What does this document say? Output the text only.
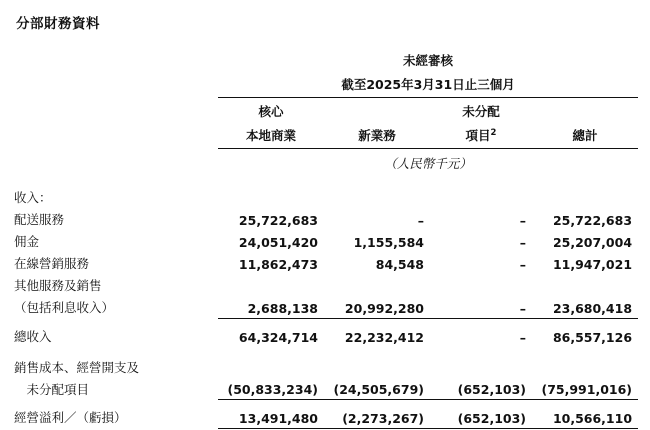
分部財務資料
	未經審核			
	截至2025年3月31日止三個月			

	核心		未分配	
	本地商業	新業務	項目$^2$	總計

	（人民幣千元）			

收入：				
配送服務	25,722,683	–	–	25,722,683
佣金	24,051,420	1,155,584	–	25,207,004
在線營銷服務	11,862,473	84,548	–	11,947,021
其他服務及銷售				
（包括利息收入）	2,688,138	20,992,280	–	23,680,418

總收入	64,324,714	22,232,412	–	86,557,126

銷售成本、經營開支及				
　未分配項目	(50,833,234)	(24,505,679)	(652,103)	(75,991,016)

經營溢利／（虧損）	13,491,480	(2,273,267)	(652,103)	10,566,110
